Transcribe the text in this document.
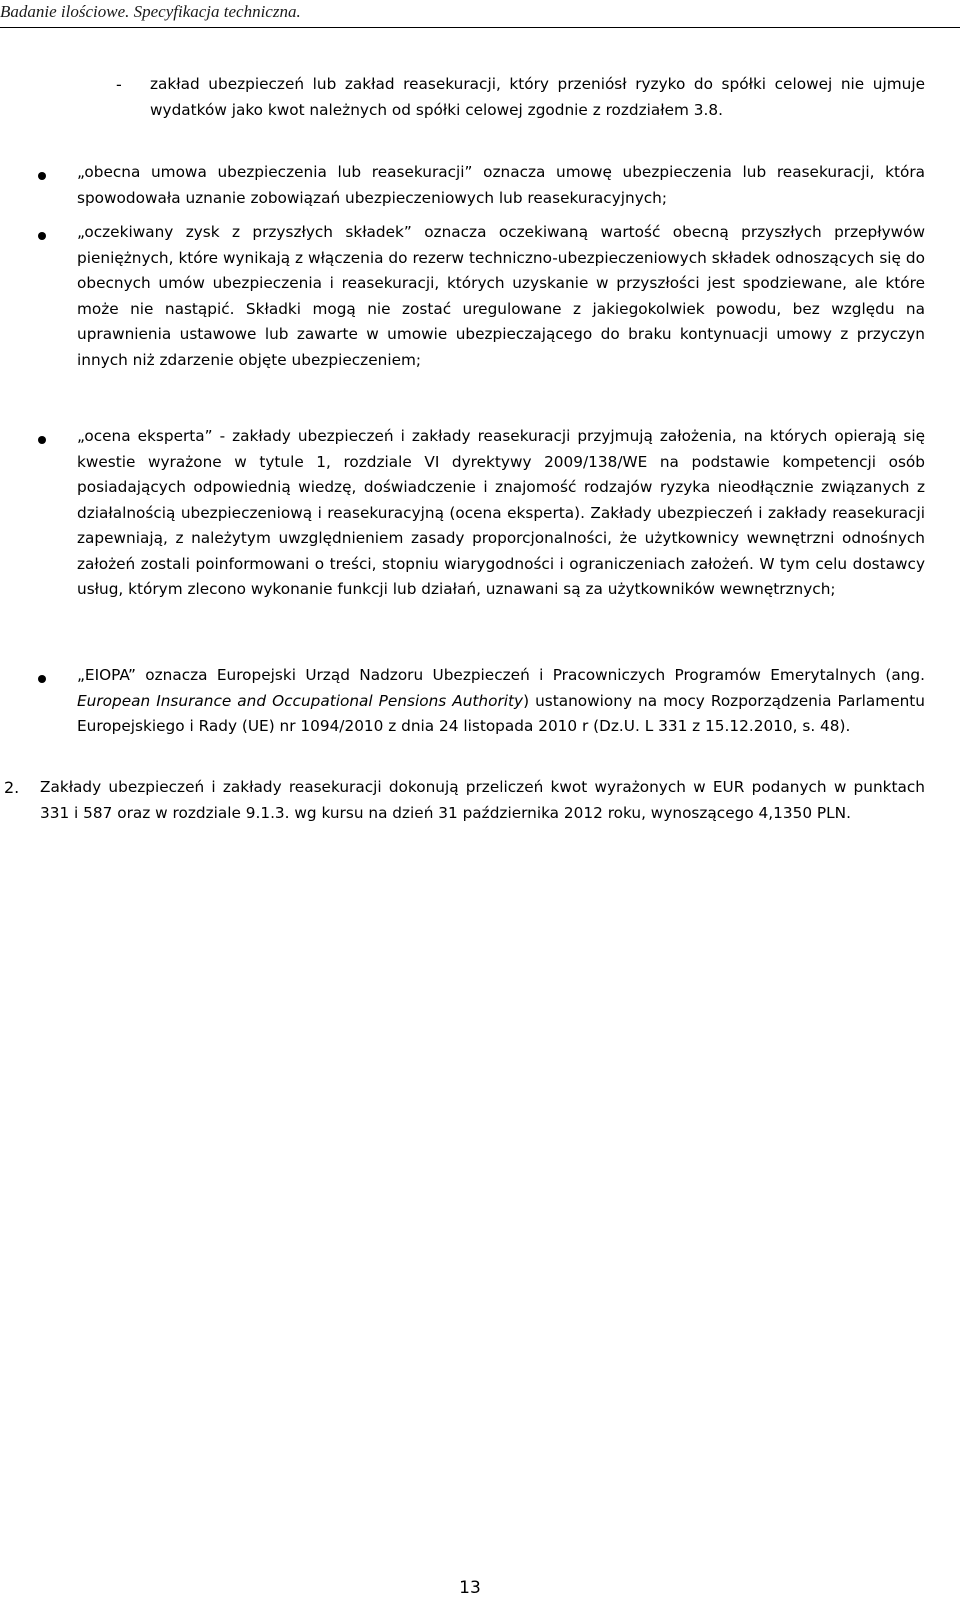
Badanie ilościowe. Specyfikacja techniczna.
- zakład ubezpieczeń lub zakład reasekuracji, który przeniósł ryzyko do spółki celowej nie ujmuje wydatków jako kwot należnych od spółki celowej zgodnie z rozdziałem 3.8.
„obecna umowa ubezpieczenia lub reasekuracji” oznacza umowę ubezpieczenia lub reasekuracji, która spowodowała uznanie zobowiązań ubezpieczeniowych lub reasekuracyjnych;
„oczekiwany zysk z przyszłych składek” oznacza oczekiwaną wartość obecną przyszłych przepływów pieniężnych, które wynikają z włączenia do rezerw techniczno-ubezpieczeniowych składek odnoszących się do obecnych umów ubezpieczenia i reasekuracji, których uzyskanie w przyszłości jest spodziewane, ale które może nie nastąpić. Składki mogą nie zostać uregulowane z jakiegokolwiek powodu, bez względu na uprawnienia ustawowe lub zawarte w umowie ubezpieczającego do braku kontynuacji umowy z przyczyn innych niż zdarzenie objęte ubezpieczeniem;
„ocena eksperta” - zakłady ubezpieczeń i zakłady reasekuracji przyjmują założenia, na których opierają się kwestie wyrażone w tytule 1, rozdziale VI dyrektywy 2009/138/WE na podstawie kompetencji osób posiadających odpowiednią wiedzę, doświadczenie i znajomość rodzajów ryzyka nieodłącznie związanych z działalnością ubezpieczeniową i reasekuracyjną (ocena eksperta). Zakłady ubezpieczeń i zakłady reasekuracji zapewniają, z należytym uwzględnieniem zasady proporcjonalności, że użytkownicy wewnętrzni odnośnych założeń zostali poinformowani o treści, stopniu wiarygodności i ograniczeniach założeń. W tym celu dostawcy usług, którym zlecono wykonanie funkcji lub działań, uznawani są za użytkowników wewnętrznych;
„EIOPA” oznacza Europejski Urząd Nadzoru Ubezpieczeń i Pracowniczych Programów Emerytalnych (ang. European Insurance and Occupational Pensions Authority) ustanowiony na mocy Rozporządzenia Parlamentu Europejskiego i Rady (UE) nr 1094/2010 z dnia 24 listopada 2010 r (Dz.U. L 331 z 15.12.2010, s. 48).
2. Zakłady ubezpieczeń i zakłady reasekuracji dokonują przeliczeń kwot wyrażonych w EUR podanych w punktach 331 i 587 oraz w rozdziale 9.1.3. wg kursu na dzień 31 października 2012 roku, wynoszącego 4,1350 PLN.
13
